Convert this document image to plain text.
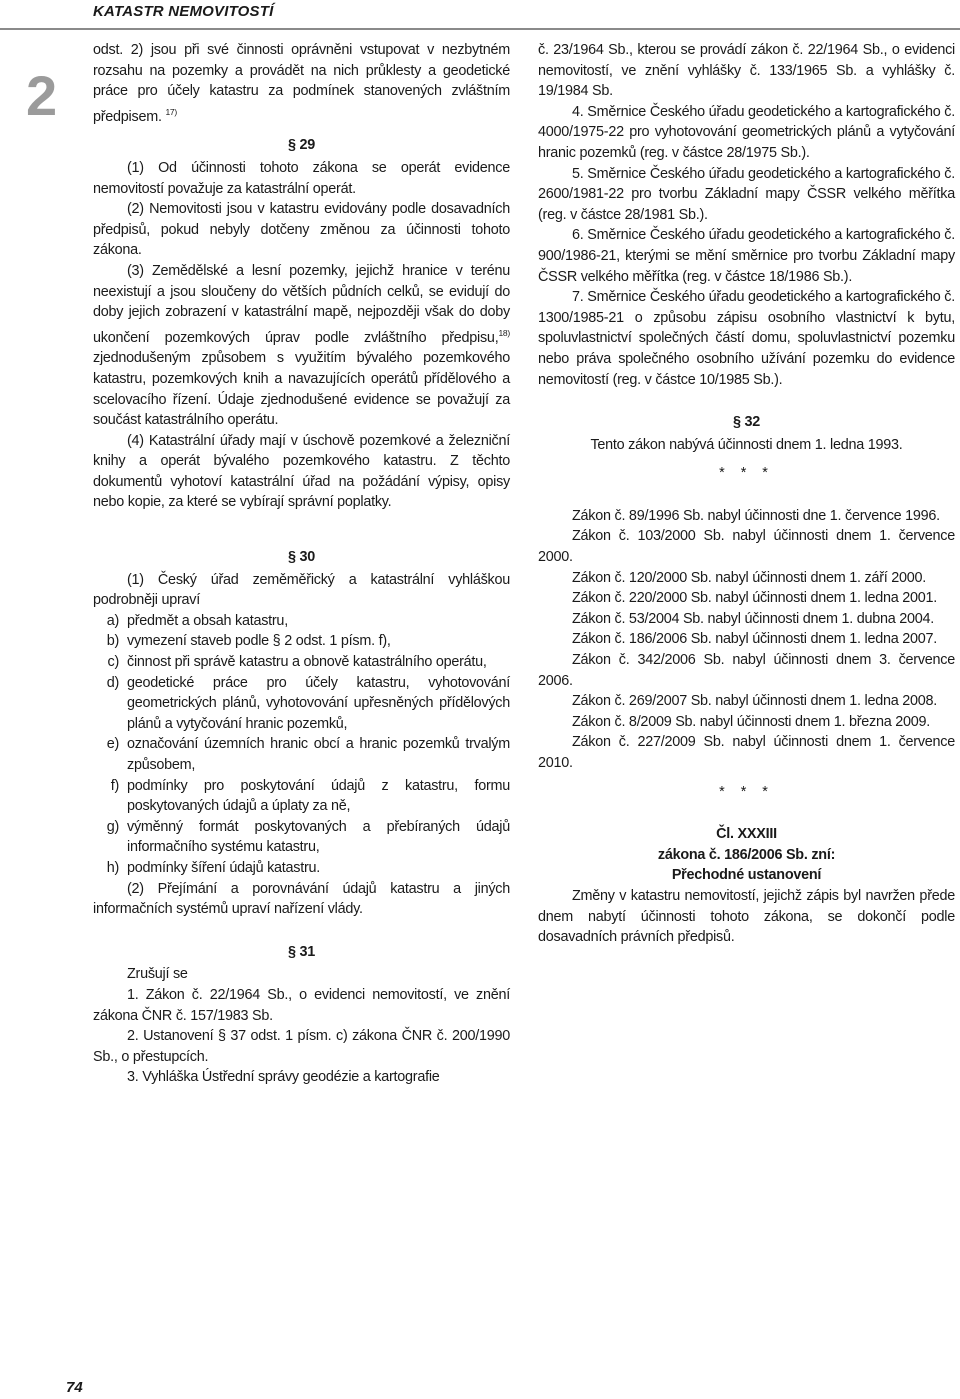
KATASTR NEMOVITOSTÍ
2

odst. 2) jsou při své činnosti oprávněni vstupovat v nezbytném rozsahu na pozemky a provádět na nich průklesty a geodetické práce pro účely katastru za podmínek stanovených zvláštním předpisem. $^{17)}$

§ 29

(1) Od účinnosti tohoto zákona se operát evidence nemovitostí považuje za katastrální operát.

(2) Nemovitosti jsou v katastru evidovány podle dosavadních předpisů, pokud nebyly dotčeny změnou za účinnosti tohoto zákona.

(3) Zemědělské a lesní pozemky, jejichž hranice v terénu neexistují a jsou sloučeny do větších půdních celků, se evidují do doby jejich zobrazení v katastrální mapě, nejpozději však do doby ukončení pozemkových úprav podle zvláštního předpisu,$^{18)}$ zjednodušeným způsobem s využitím bývalého pozemkového katastru, pozemkových knih a navazujících operátů přídělového a scelovacího řízení. Údaje zjednodušené evidence se považují za součást katastrálního operátu.

(4) Katastrální úřady mají v úschově pozemkové a železniční knihy a operát bývalého pozemkového katastru. Z těchto dokumentů vyhotoví katastrální úřad na požádání výpisy, opisy nebo kopie, za které se vybírají správní poplatky.

§ 30

(1) Český úřad zeměměřický a katastrální vyhláškou podrobněji upraví

a) předmět a obsah katastru,
b) vymezení staveb podle § 2 odst. 1 písm. f),
c) činnost při správě katastru a obnově katastrálního operátu,
d) geodetické práce pro účely katastru, vyhotovování geometrických plánů, vyhotovování upřesněných přídělových plánů a vytyčování hranic pozemků,
e) označování územních hranic obcí a hranic pozemků trvalým způsobem,
f) podmínky pro poskytování údajů z katastru, formu poskytovaných údajů a úplaty za ně,
g) výměnný formát poskytovaných a přebíraných údajů informačního systému katastru,
h) podmínky šíření údajů katastru.

(2) Přejímání a porovnávání údajů katastru a jiných informačních systémů upraví nařízení vlády.

§ 31

Zrušují se

1. Zákon č. 22/1964 Sb., o evidenci nemovitostí, ve znění zákona ČNR č. 157/1983 Sb.

2. Ustanovení § 37 odst. 1 písm. c) zákona ČNR č. 200/1990 Sb., o přestupcích.

3. Vyhláška Ústřední správy geodézie a kartografie

č. 23/1964 Sb., kterou se provádí zákon č. 22/1964 Sb., o evidenci nemovitostí, ve znění vyhlášky č. 133/1965 Sb. a vyhlášky č. 19/1984 Sb.

4. Směrnice Českého úřadu geodetického a kartografického č. 4000/1975-22 pro vyhotovování geometrických plánů a vytyčování hranic pozemků (reg. v částce 28/1975 Sb.).

5. Směrnice Českého úřadu geodetického a kartografického č. 2600/1981-22 pro tvorbu Základní mapy ČSSR velkého měřítka (reg. v částce 28/1981 Sb.).

6. Směrnice Českého úřadu geodetického a kartografického č. 900/1986-21, kterými se mění směrnice pro tvorbu Základní mapy ČSSR velkého měřítka (reg. v částce 18/1986 Sb.).

7. Směrnice Českého úřadu geodetického a kartografického č. 1300/1985-21 o způsobu zápisu osobního vlastnictví k bytu, spoluvlastnictví společných částí domu, spoluvlastnictví pozemku nebo práva společného osobního užívání pozemku do evidence nemovitostí (reg. v částce 10/1985 Sb.).

§ 32

Tento zákon nabývá účinnosti dnem 1. ledna 1993.

* * *

Zákon č. 89/1996 Sb. nabyl účinnosti dne 1. července 1996.

Zákon č. 103/2000 Sb. nabyl účinnosti dnem 1. července 2000.

Zákon č. 120/2000 Sb. nabyl účinnosti dnem 1. září 2000.

Zákon č. 220/2000 Sb. nabyl účinnosti dnem 1. ledna 2001.

Zákon č. 53/2004 Sb. nabyl účinnosti dnem 1. dubna 2004.

Zákon č. 186/2006 Sb. nabyl účinnosti dnem 1. ledna 2007.

Zákon č. 342/2006 Sb. nabyl účinnosti dnem 3. července 2006.

Zákon č. 269/2007 Sb. nabyl účinnosti dnem 1. ledna 2008.

Zákon č. 8/2009 Sb. nabyl účinnosti dnem 1. března 2009.

Zákon č. 227/2009 Sb. nabyl účinnosti dnem 1. července 2010.

* * *

Čl. XXXIII

zákona č. 186/2006 Sb. zní:

Přechodné ustanovení

Změny v katastru nemovitostí, jejichž zápis byl navržen přede dnem nabytí účinnosti tohoto zákona, se dokončí podle dosavadních právních předpisů.

74
